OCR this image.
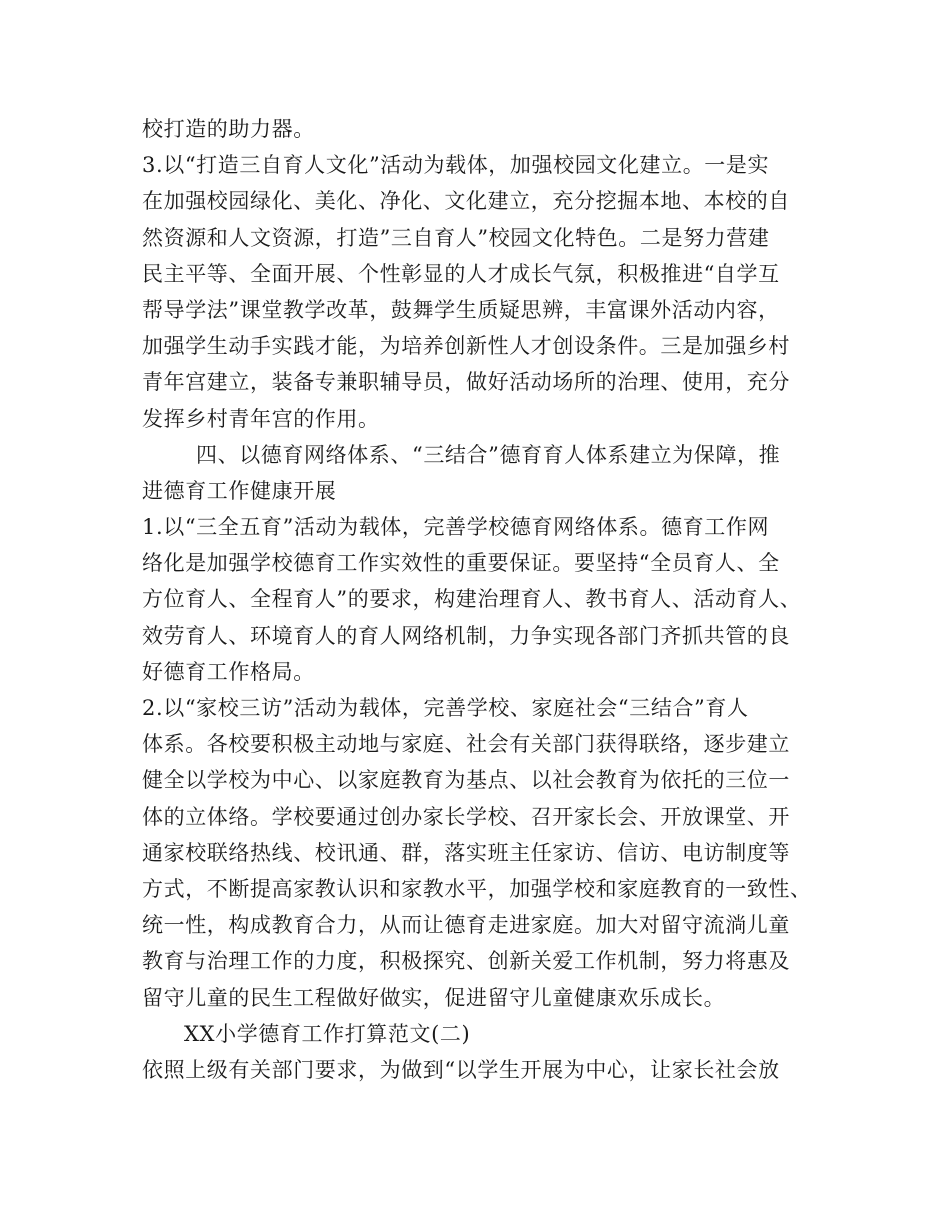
校打造的助力器。
3.以“打造三自育人文化”活动为载体，加强校园文化建立。一是实
在加强校园绿化、美化、净化、文化建立，充分挖掘本地、本校的自
然资源和人文资源，打造”三自育人”校园文化特色。二是努力营建
民主平等、全面开展、个性彰显的人才成长气氛，积极推进“自学互
帮导学法”课堂教学改革，鼓舞学生质疑思辨，丰富课外活动内容，
加强学生动手实践才能，为培养创新性人才创设条件。三是加强乡村
青年宫建立，装备专兼职辅导员，做好活动场所的治理、使用，充分
发挥乡村青年宫的作用。
四、以德育网络体系、“三结合”德育育人体系建立为保障，推
进德育工作健康开展
1.以“三全五育”活动为载体，完善学校德育网络体系。德育工作网
络化是加强学校德育工作实效性的重要保证。要坚持“全员育人、全
方位育人、全程育人”的要求，构建治理育人、教书育人、活动育人、
效劳育人、环境育人的育人网络机制，力争实现各部门齐抓共管的良
好德育工作格局。
2.以“家校三访”活动为载体，完善学校、家庭社会“三结合”育人
体系。各校要积极主动地与家庭、社会有关部门获得联络，逐步建立
健全以学校为中心、以家庭教育为基点、以社会教育为依托的三位一
体的立体络。学校要通过创办家长学校、召开家长会、开放课堂、开
通家校联络热线、校讯通、群，落实班主任家访、信访、电访制度等
方式，不断提高家教认识和家教水平，加强学校和家庭教育的一致性、
统一性，构成教育合力，从而让德育走进家庭。加大对留守流淌儿童
教育与治理工作的力度，积极探究、创新关爱工作机制，努力将惠及
留守儿童的民生工程做好做实，促进留守儿童健康欢乐成长。
XX小学德育工作打算范文(二)
依照上级有关部门要求，为做到“以学生开展为中心，让家长社会放
